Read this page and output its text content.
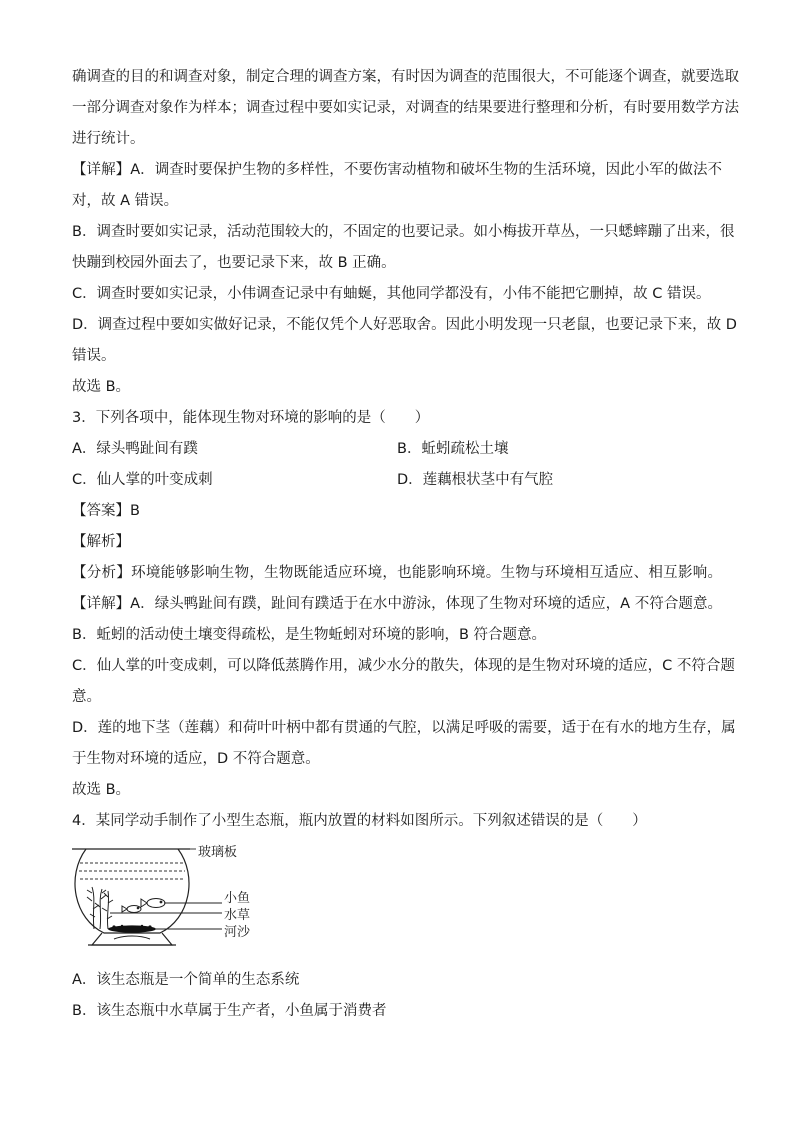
确调查的目的和调查对象，制定合理的调查方案，有时因为调查的范围很大，不可能逐个调查，就要选取
一部分调查对象作为样本；调查过程中要如实记录，对调查的结果要进行整理和分析，有时要用数学方法
进行统计。
【详解】A．调查时要保护生物的多样性，不要伤害动植物和破坏生物的生活环境，因此小军的做法不
对，故 A 错误。
B．调查时要如实记录，活动范围较大的，不固定的也要记录。如小梅拔开草丛，一只蟋蟀蹦了出来，很
快蹦到校园外面去了，也要记录下来，故 B 正确。
C．调查时要如实记录，小伟调查记录中有蚰蜒，其他同学都没有，小伟不能把它删掉，故 C 错误。
D．调查过程中要如实做好记录，不能仅凭个人好恶取舍。因此小明发现一只老鼠，也要记录下来，故 D
错误。
故选 B。
3．下列各项中，能体现生物对环境的影响的是（　　）
A．绿头鸭趾间有蹼	B．蚯蚓疏松土壤
C．仙人掌的叶变成刺	D．莲藕根状茎中有气腔
【答案】B
【解析】
【分析】环境能够影响生物，生物既能适应环境，也能影响环境。生物与环境相互适应、相互影响。
【详解】A．绿头鸭趾间有蹼，趾间有蹼适于在水中游泳，体现了生物对环境的适应，A 不符合题意。
B．蚯蚓的活动使土壤变得疏松，是生物蚯蚓对环境的影响，B 符合题意。
C．仙人掌的叶变成刺，可以降低蒸腾作用，减少水分的散失，体现的是生物对环境的适应，C 不符合题
意。
D．莲的地下茎（莲藕）和荷叶叶柄中都有贯通的气腔，以满足呼吸的需要，适于在有水的地方生存，属
于生物对环境的适应，D 不符合题意。
故选 B。
4．某同学动手制作了小型生态瓶，瓶内放置的材料如图所示。下列叙述错误的是（　　）
玻璃板
小鱼
水草
河沙
A．该生态瓶是一个简单的生态系统
B．该生态瓶中水草属于生产者，小鱼属于消费者
